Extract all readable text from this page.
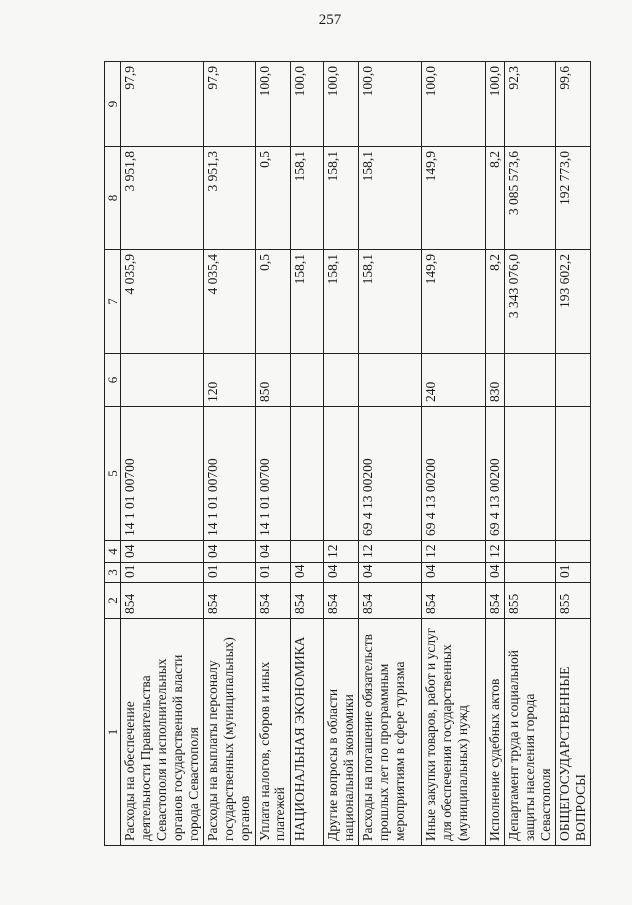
257
1	2	3	4	5	6	7	8	9
Расходы на обеспечение деятельности Правительства Севастополя и исполнительных органов государственной власти города Севастополя	854	01	04	14 1 01 00700		4 035,9	3 951,8	97,9
Расходы на выплаты персоналу государственных (муниципальных) органов	854	01	04	14 1 01 00700	120	4 035,4	3 951,3	97,9
Уплата налогов, сборов и иных платежей	854	01	04	14 1 01 00700	850	0,5	0,5	100,0
НАЦИОНАЛЬНАЯ ЭКОНОМИКА	854	04				158,1	158,1	100,0
Другие вопросы в области национальной экономики	854	04	12			158,1	158,1	100,0
Расходы на погашение обязательств прошлых лет по программным мероприятиям в сфере туризма	854	04	12	69 4 13 00200		158,1	158,1	100,0
Иные закупки товаров, работ и услуг для обеспечения государственных (муниципальных) нужд	854	04	12	69 4 13 00200	240	149,9	149,9	100,0
Исполнение судебных актов	854	04	12	69 4 13 00200	830	8,2	8,2	100,0
Департамент труда и социальной защиты населения города Севастополя	855					3 343 076,0	3 085 573,6	92,3
ОБЩЕГОСУДАРСТВЕННЫЕ ВОПРОСЫ	855	01				193 602,2	192 773,0	99,6
